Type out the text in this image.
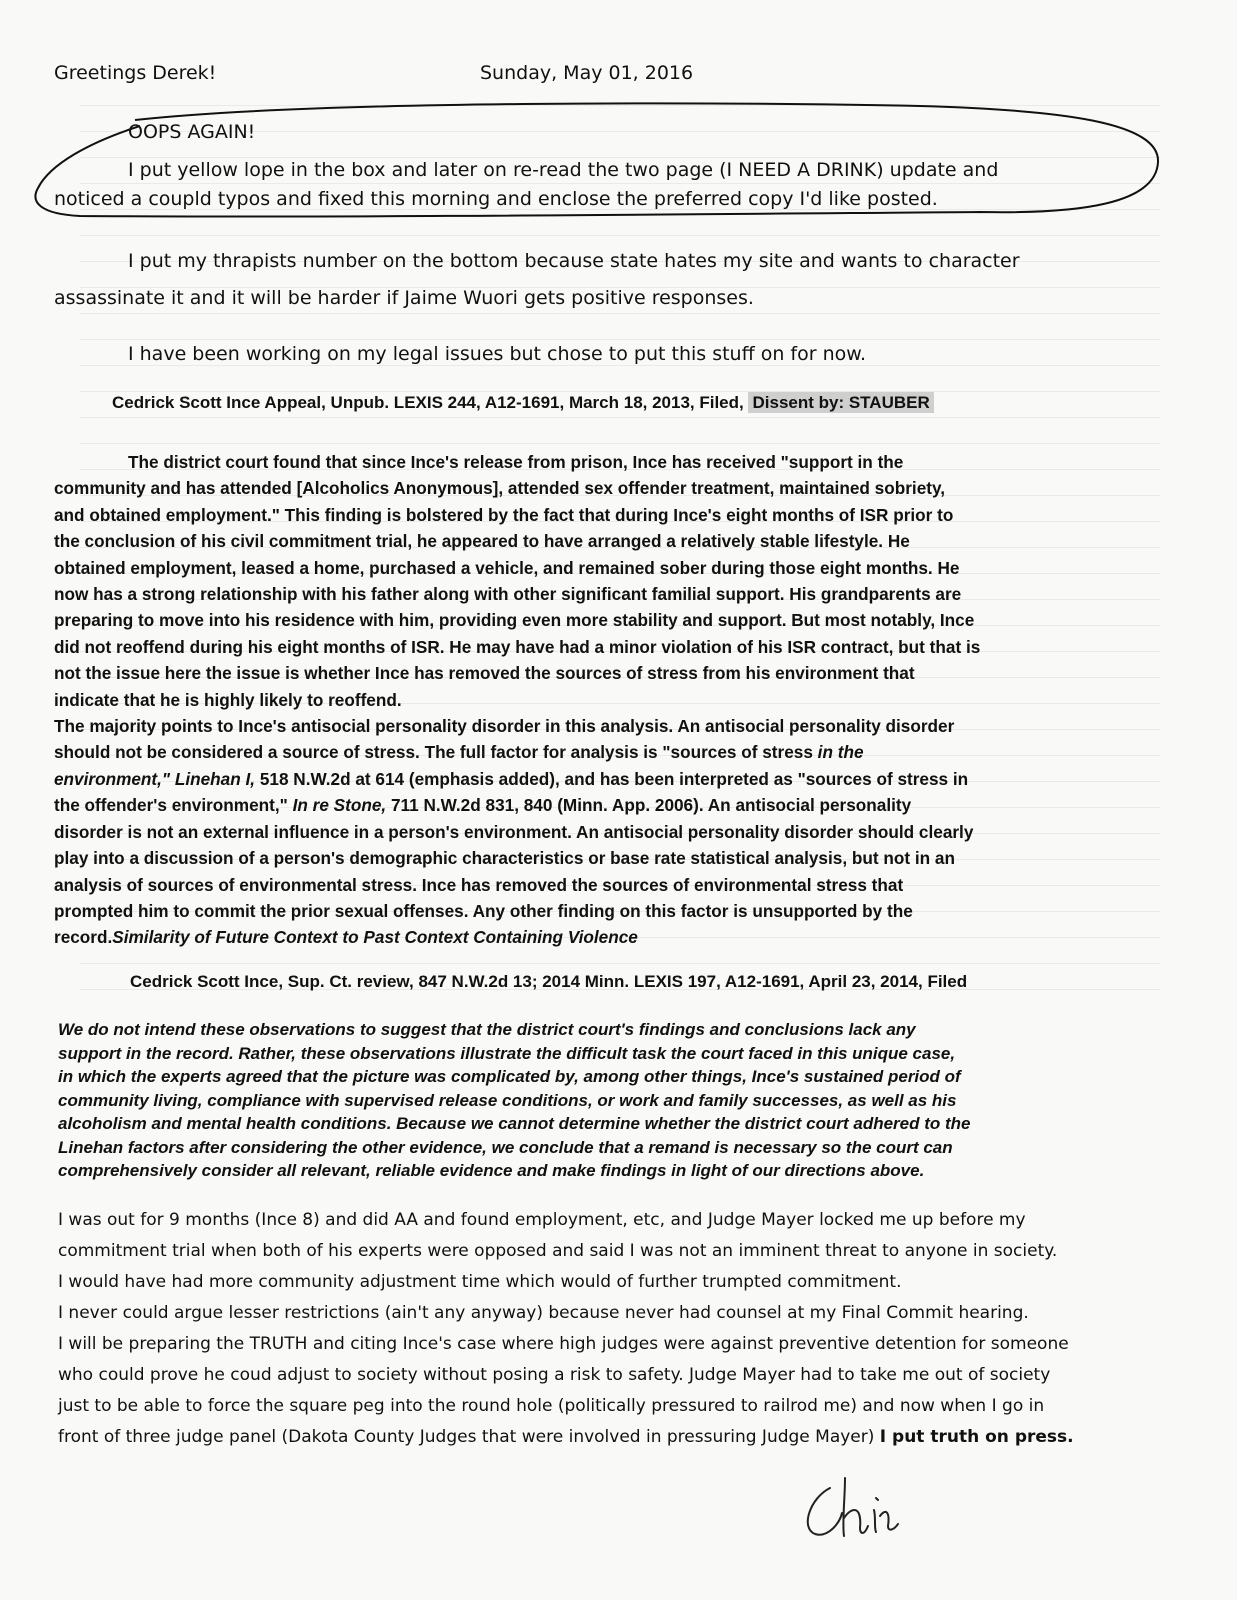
Greetings Derek!	Sunday, May 01, 2016
OOPS AGAIN!
I put yellow lope in the box and later on re-read the two page (I NEED A DRINK) update and
noticed a coupld typos and fixed this morning and enclose the preferred copy I'd like posted.
I put my thrapists number on the bottom because state hates my site and wants to character
assassinate it and it will be harder if Jaime Wuori gets positive responses.
I have been working on my legal issues but chose to put this stuff on for now.
Cedrick Scott Ince Appeal, Unpub. LEXIS 244, A12-1691, March 18, 2013, Filed, Dissent by: STAUBER
The district court found that since Ince's release from prison, Ince has received "support in the
community and has attended [Alcoholics Anonymous], attended sex offender treatment, maintained sobriety,
and obtained employment." This finding is bolstered by the fact that during Ince's eight months of ISR prior to
the conclusion of his civil commitment trial, he appeared to have arranged a relatively stable lifestyle. He
obtained employment, leased a home, purchased a vehicle, and remained sober during those eight months. He
now has a strong relationship with his father along with other significant familial support. His grandparents are
preparing to move into his residence with him, providing even more stability and support. But most notably, Ince
did not reoffend during his eight months of ISR. He may have had a minor violation of his ISR contract, but that is
not the issue here the issue is whether Ince has removed the sources of stress from his environment that
indicate that he is highly likely to reoffend.
The majority points to Ince's antisocial personality disorder in this analysis. An antisocial personality disorder
should not be considered a source of stress. The full factor for analysis is "sources of stress in the
environment," Linehan I, 518 N.W.2d at 614 (emphasis added), and has been interpreted as "sources of stress in
the offender's environment," In re Stone, 711 N.W.2d 831, 840 (Minn. App. 2006). An antisocial personality
disorder is not an external influence in a person's environment. An antisocial personality disorder should clearly
play into a discussion of a person's demographic characteristics or base rate statistical analysis, but not in an
analysis of sources of environmental stress. Ince has removed the sources of environmental stress that
prompted him to commit the prior sexual offenses. Any other finding on this factor is unsupported by the
record.Similarity of Future Context to Past Context Containing Violence
Cedrick Scott Ince, Sup. Ct. review, 847 N.W.2d 13; 2014 Minn. LEXIS 197, A12-1691, April 23, 2014, Filed
We do not intend these observations to suggest that the district court's findings and conclusions lack any
support in the record. Rather, these observations illustrate the difficult task the court faced in this unique case,
in which the experts agreed that the picture was complicated by, among other things, Ince's sustained period of
community living, compliance with supervised release conditions, or work and family successes, as well as his
alcoholism and mental health conditions. Because we cannot determine whether the district court adhered to the
Linehan factors after considering the other evidence, we conclude that a remand is necessary so the court can
comprehensively consider all relevant, reliable evidence and make findings in light of our directions above.
I was out for 9 months (Ince 8) and did AA and found employment, etc, and Judge Mayer locked me up before my
commitment trial when both of his experts were opposed and said I was not an imminent threat to anyone in society.
I would have had more community adjustment time which would of further trumpted commitment.
I never could argue lesser restrictions (ain't any anyway) because never had counsel at my Final Commit hearing.
I will be preparing the TRUTH and citing Ince's case where high judges were against preventive detention for someone
who could prove he coud adjust to society without posing a risk to safety. Judge Mayer had to take me out of society
just to be able to force the square peg into the round hole (politically pressured to railrod me) and now when I go in
front of three judge panel (Dakota County Judges that were involved in pressuring Judge Mayer) I put truth on press.
